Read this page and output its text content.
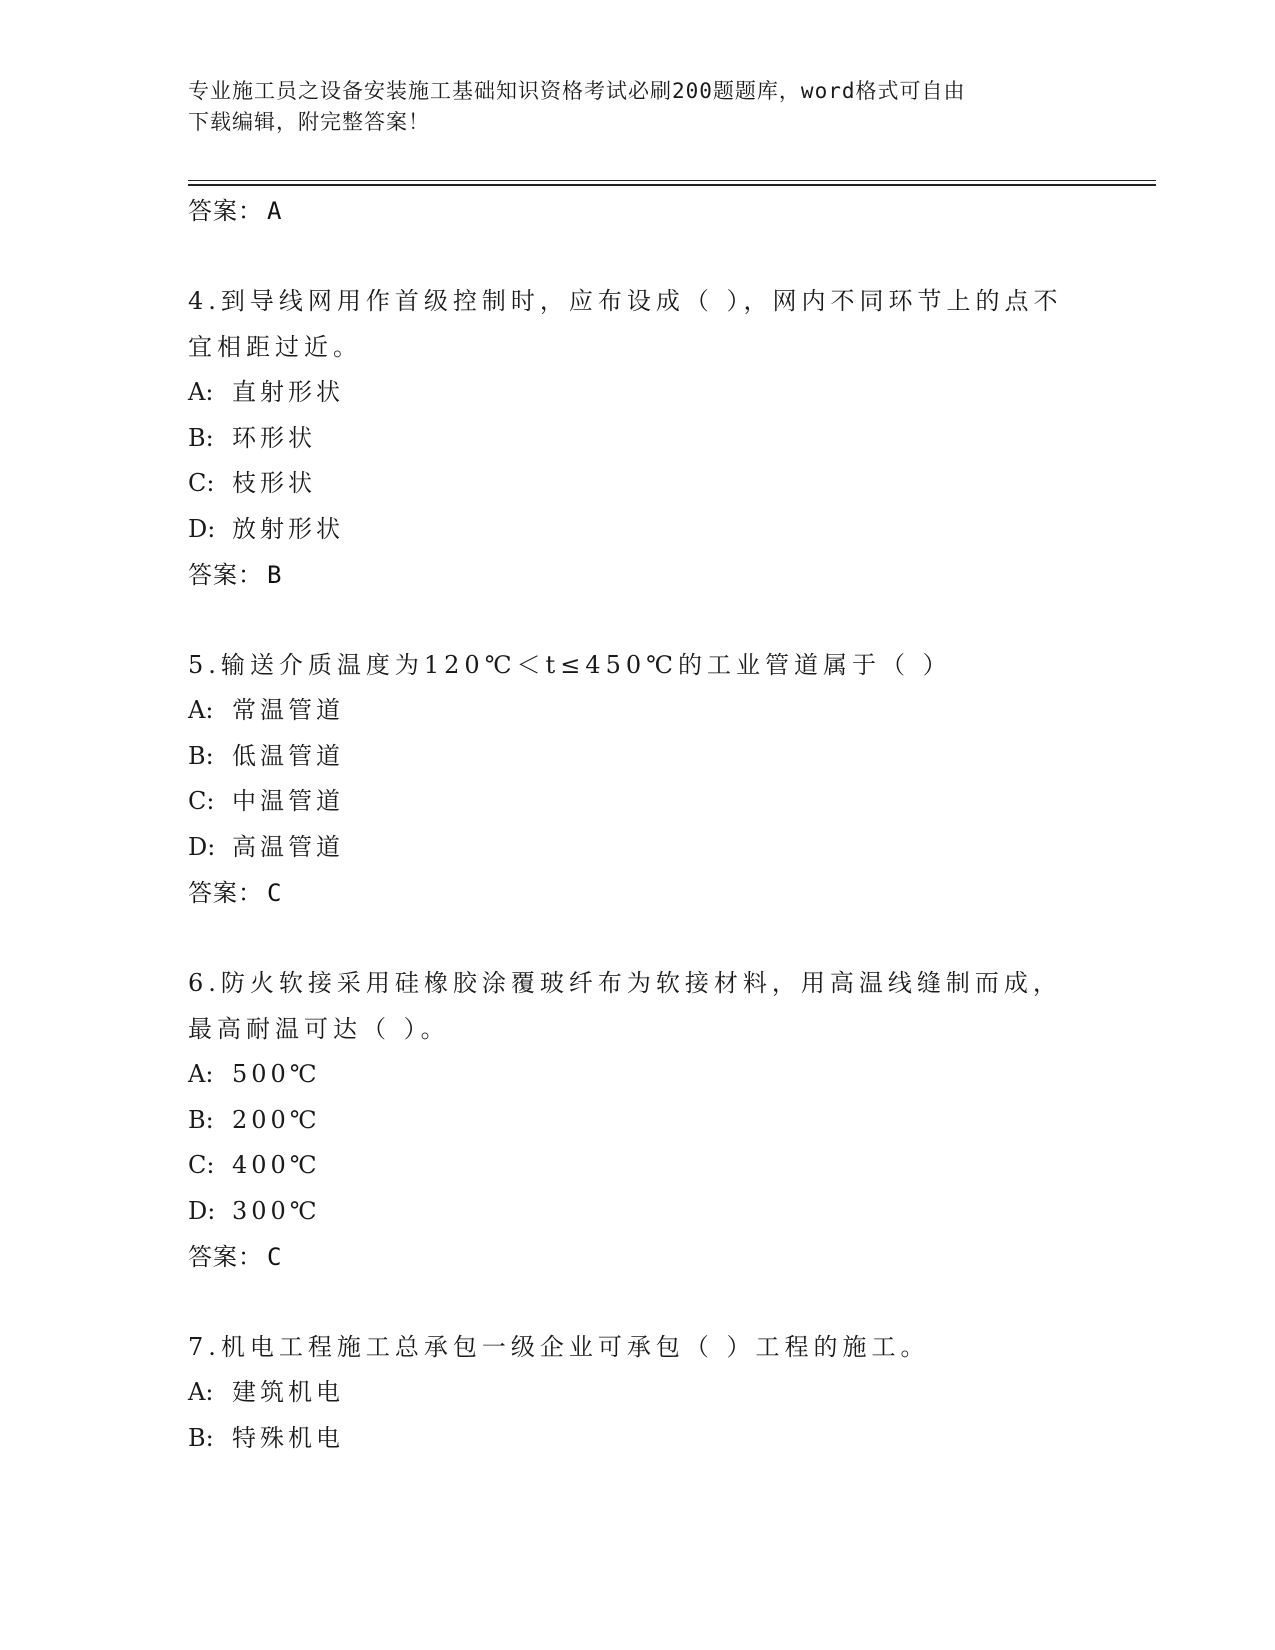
专业施工员之设备安装施工基础知识资格考试必刷200题题库，word格式可自由
下载编辑，附完整答案！
答案： A
4.到导线网用作首级控制时，应布设成（ ），网内不同环节上的点不
宜相距过近。
A: 直射形状
B: 环形状
C: 枝形状
D: 放射形状
答案： B
5.输送介质温度为120℃＜t≤450℃的工业管道属于（ ）
A: 常温管道
B: 低温管道
C: 中温管道
D: 高温管道
答案： C
6.防火软接采用硅橡胶涂覆玻纤布为软接材料，用高温线缝制而成，
最高耐温可达（ ）。
A: 500℃
B: 200℃
C: 400℃
D: 300℃
答案： C
7.机电工程施工总承包一级企业可承包（ ）工程的施工。
A: 建筑机电
B: 特殊机电
